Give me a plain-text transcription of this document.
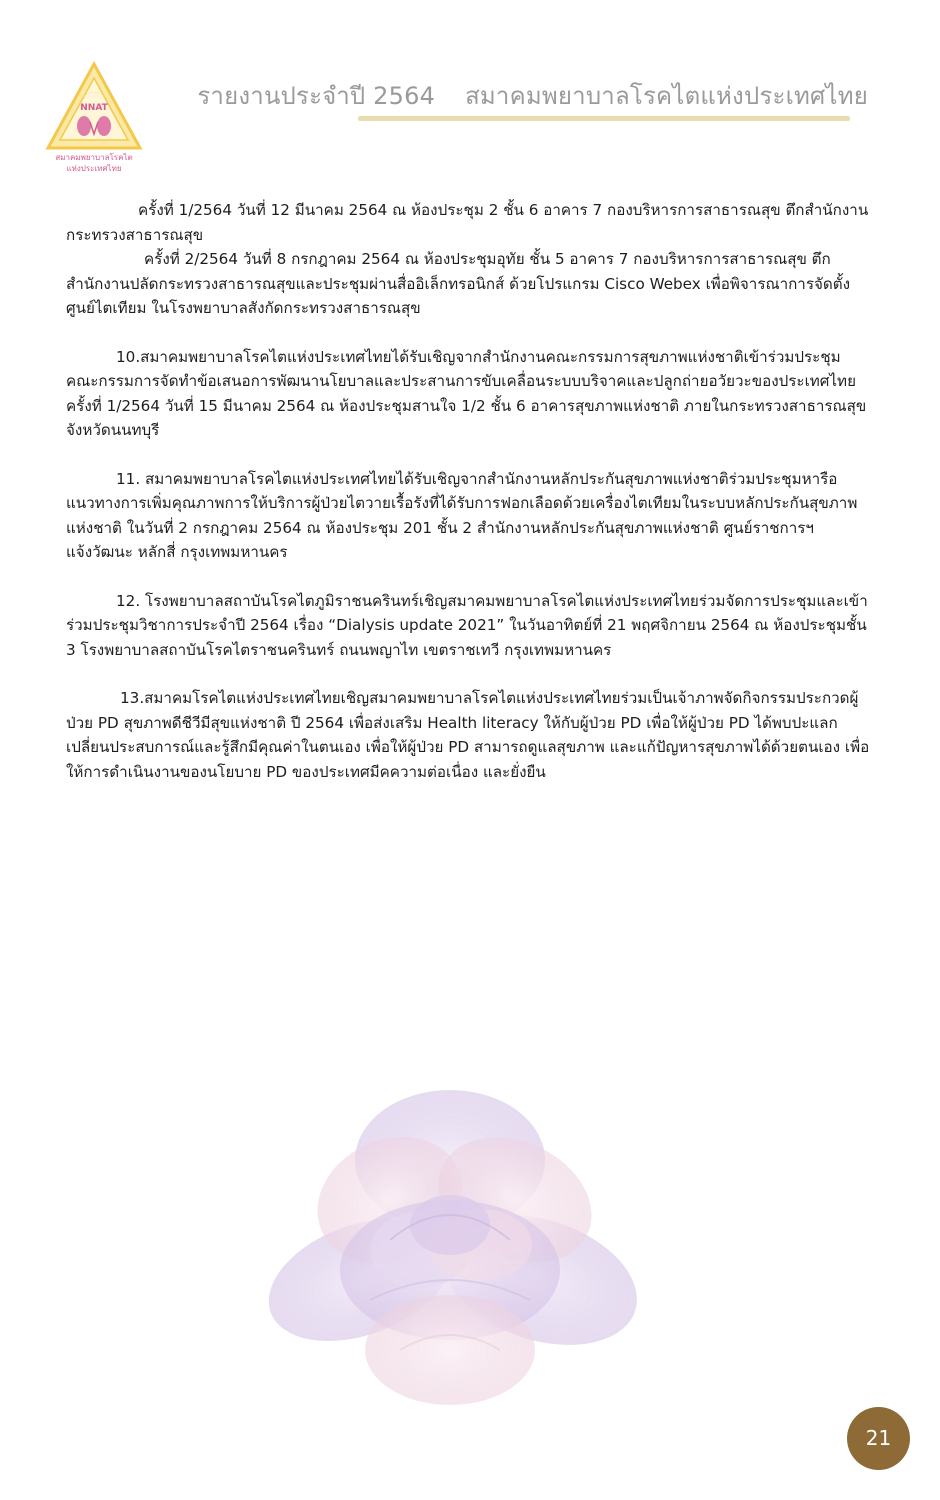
NNAT
สมาคมพยาบาลโรคไต
แห่งประเทศไทย
รายงานประจำปี 2564 สมาคมพยาบาลโรคไตแห่งประเทศไทย

ครั้งที่ 1/2564 วันที่ 12 มีนาคม 2564 ณ ห้องประชุม 2 ชั้น 6 อาคาร 7 กองบริหารการสาธารณสุข ตึกสำนักงานกระทรวงสาธารณสุข

ครั้งที่ 2/2564 วันที่ 8 กรกฎาคม 2564 ณ ห้องประชุมอุทัย ชั้น 5 อาคาร 7 กองบริหารการสาธารณสุข ตึกสำนักงานปลัดกระทรวงสาธารณสุขและประชุมผ่านสื่ออิเล็กทรอนิกส์ ด้วยโปรแกรม Cisco Webex เพื่อพิจารณาการจัดตั้งศูนย์ไตเทียม ในโรงพยาบาลสังกัดกระทรวงสาธารณสุข

10.สมาคมพยาบาลโรคไตแห่งประเทศไทยได้รับเชิญจากสำนักงานคณะกรรมการสุขภาพแห่งชาติเข้าร่วมประชุมคณะกรรมการจัดทำข้อเสนอการพัฒนานโยบาลและประสานการขับเคลื่อนระบบบริจาคและปลูกถ่ายอวัยวะของประเทศไทยครั้งที่ 1/2564 วันที่ 15 มีนาคม 2564 ณ ห้องประชุมสานใจ 1/2 ชั้น 6 อาคารสุขภาพแห่งชาติ ภายในกระทรวงสาธารณสุข จังหวัดนนทบุรี

11. สมาคมพยาบาลโรคไตแห่งประเทศไทยได้รับเชิญจากสำนักงานหลักประกันสุขภาพแห่งชาติร่วมประชุมหารือแนวทางการเพิ่มคุณภาพการให้บริการผู้ป่วยไตวายเรื้อรังที่ได้รับการฟอกเลือดด้วยเครื่องไตเทียมในระบบหลักประกันสุขภาพแห่งชาติ ในวันที่ 2 กรกฎาคม 2564 ณ ห้องประชุม 201 ชั้น 2 สำนักงานหลักประกันสุขภาพแห่งชาติ ศูนย์ราชการฯ แจ้งวัฒนะ หลักสี่ กรุงเทพมหานคร

12. โรงพยาบาลสถาบันโรคไตภูมิราชนครินทร์เชิญสมาคมพยาบาลโรคไตแห่งประเทศไทยร่วมจัดการประชุมและเข้าร่วมประชุมวิชาการประจำปี 2564 เรื่อง “Dialysis update 2021” ในวันอาทิตย์ที่ 21 พฤศจิกายน 2564 ณ ห้องประชุมชั้น 3 โรงพยาบาลสถาบันโรคไตราชนครินทร์ ถนนพญาไท เขตราชเทวี กรุงเทพมหานคร

13.สมาคมโรคไตแห่งประเทศไทยเชิญสมาคมพยาบาลโรคไตแห่งประเทศไทยร่วมเป็นเจ้าภาพจัดกิจกรรมประกวดผู้ป่วย PD สุขภาพดีชีวีมีสุขแห่งชาติ ปี 2564 เพื่อส่งเสริม Health literacy ให้กับผู้ป่วย PD เพื่อให้ผู้ป่วย PD ได้พบปะแลกเปลี่ยนประสบการณ์และรู้สึกมีคุณค่าในตนเอง เพื่อให้ผู้ป่วย PD สามารถดูแลสุขภาพ และแก้ปัญหารสุขภาพได้ด้วยตนเอง เพื่อให้การดำเนินงานของนโยบาย PD ของประเทศมีคความต่อเนื่อง และยั่งยืน

21
